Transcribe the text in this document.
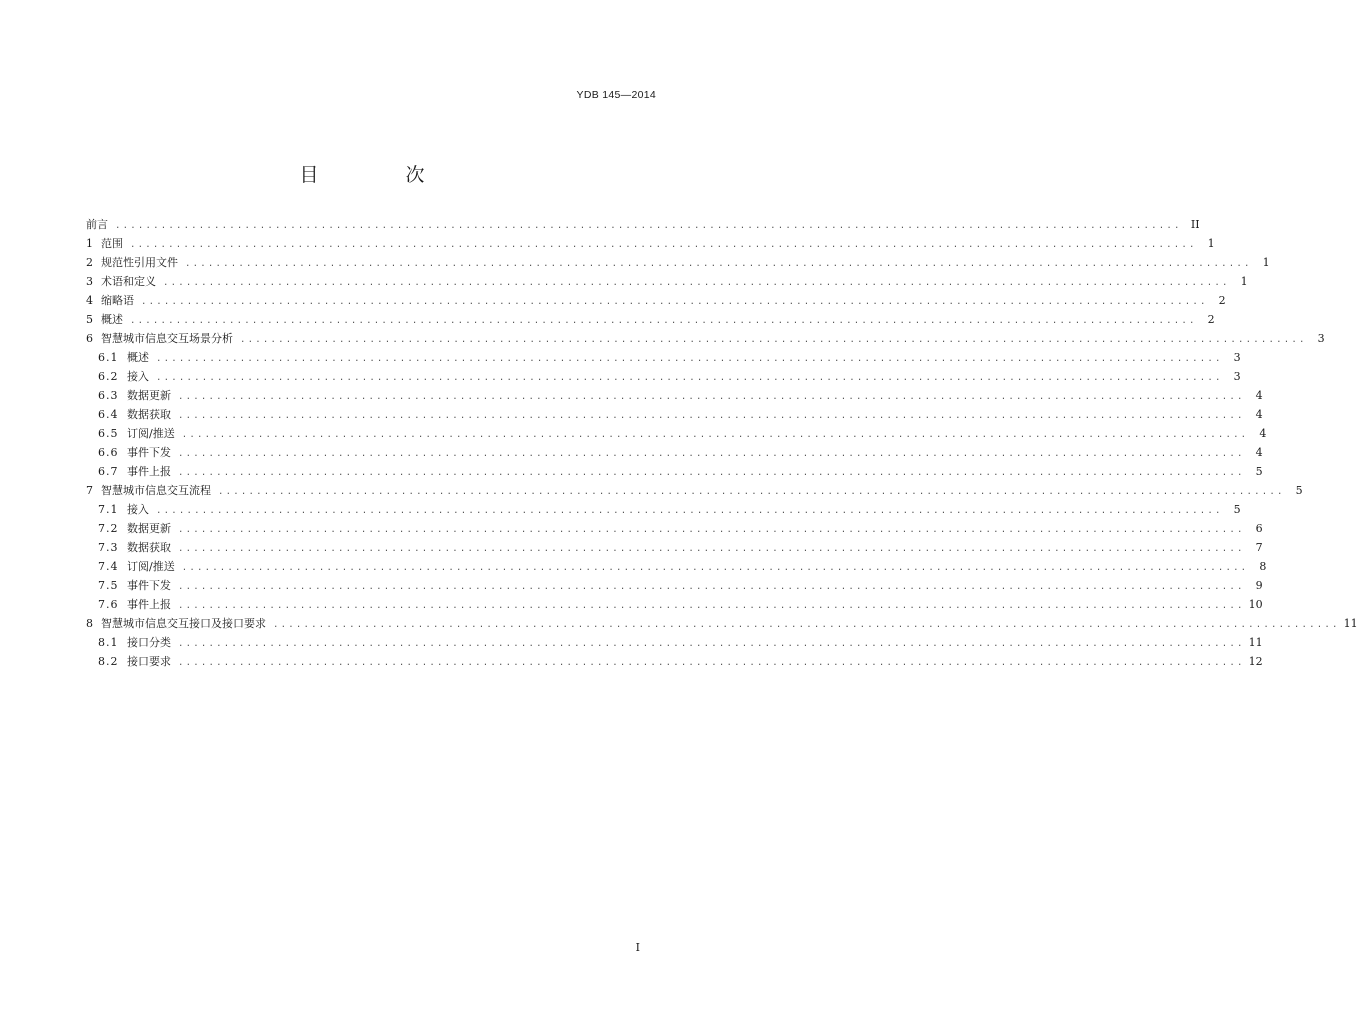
YDB 145—2014
目　次
前言 ............................................................................................................................................ II
1 范围 ............................................................................................................................................	1
2 规范性引用文件 ............................................................................................................................................	1
3 术语和定义 ............................................................................................................................................	1
4 缩略语 ............................................................................................................................................	2
5 概述 ............................................................................................................................................	2
6 智慧城市信息交互场景分析 ............................................................................................................................................	3
6.1 概述 ............................................................................................................................................	3
6.2 接入 ............................................................................................................................................	3
6.3 数据更新 ............................................................................................................................................	4
6.4 数据获取 ............................................................................................................................................	4
6.5 订阅/推送 ............................................................................................................................................	4
6.6 事件下发 ............................................................................................................................................	4
6.7 事件上报 ............................................................................................................................................	5
7 智慧城市信息交互流程 ............................................................................................................................................	5
7.1 接入 ............................................................................................................................................	5
7.2 数据更新 ............................................................................................................................................	6
7.3 数据获取 ............................................................................................................................................	7
7.4 订阅/推送 ............................................................................................................................................	8
7.5 事件下发 ............................................................................................................................................	9
7.6 事件上报 ............................................................................................................................................ 10
8 智慧城市信息交互接口及接口要求 ............................................................................................................................................ 11
8.1 接口分类 ............................................................................................................................................ 11
8.2 接口要求 ............................................................................................................................................ 12
I
